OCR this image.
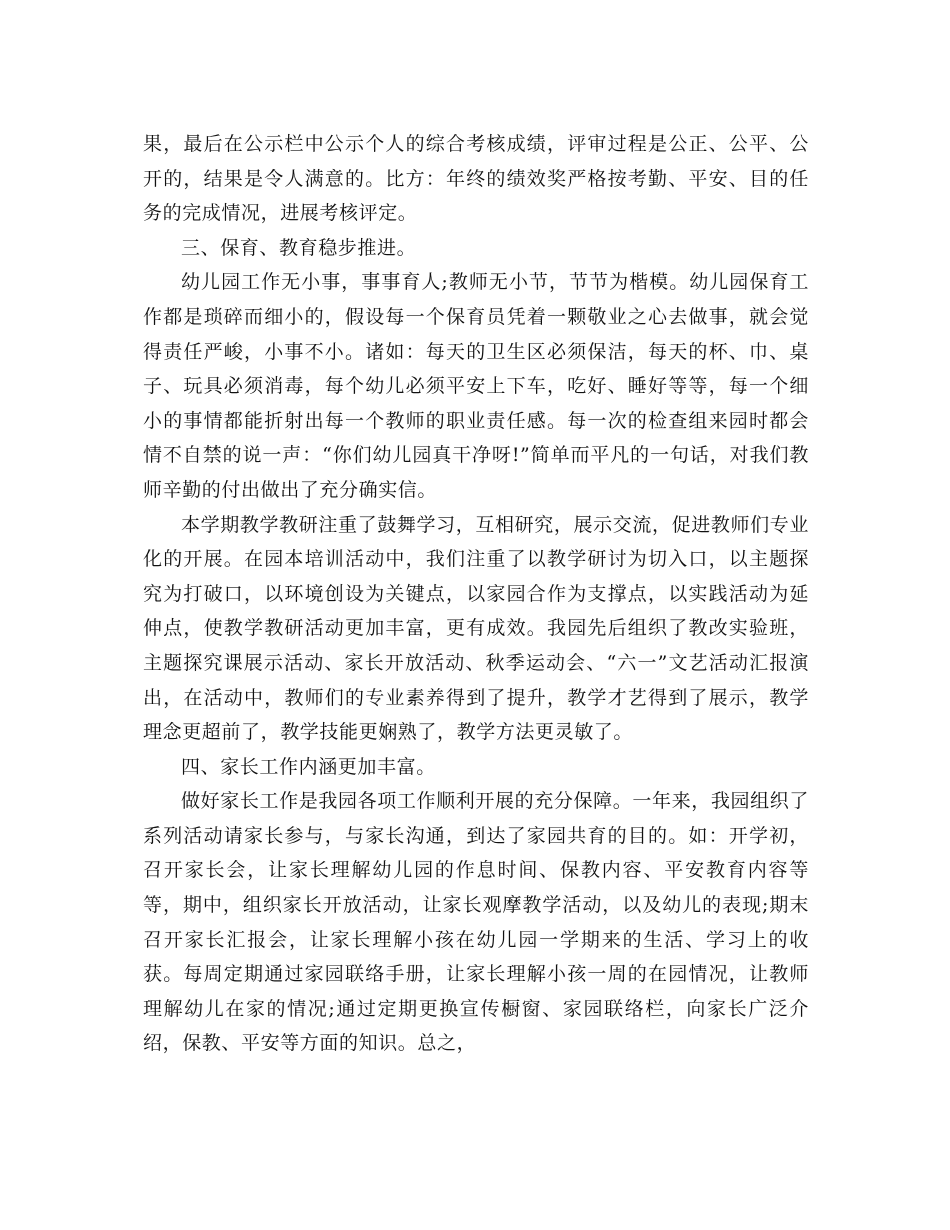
果，最后在公示栏中公示个人的综合考核成绩，评审过程是公正、公平、公开的，结果是令人满意的。比方：年终的绩效奖严格按考勤、平安、目的任务的完成情况，进展考核评定。

三、保育、教育稳步推进。

幼儿园工作无小事，事事育人;教师无小节，节节为楷模。幼儿园保育工作都是琐碎而细小的，假设每一个保育员凭着一颗敬业之心去做事，就会觉得责任严峻，小事不小。诸如：每天的卫生区必须保洁，每天的杯、巾、桌子、玩具必须消毒，每个幼儿必须平安上下车，吃好、睡好等等，每一个细小的事情都能折射出每一个教师的职业责任感。每一次的检查组来园时都会情不自禁的说一声：“你们幼儿园真干净呀!”简单而平凡的一句话，对我们教师辛勤的付出做出了充分确实信。

本学期教学教研注重了鼓舞学习，互相研究，展示交流，促进教师们专业化的开展。在园本培训活动中，我们注重了以教学研讨为切入口，以主题探究为打破口，以环境创设为关键点，以家园合作为支撑点，以实践活动为延伸点，使教学教研活动更加丰富，更有成效。我园先后组织了教改实验班，主题探究课展示活动、家长开放活动、秋季运动会、“六一”文艺活动汇报演出，在活动中，教师们的专业素养得到了提升，教学才艺得到了展示，教学理念更超前了，教学技能更娴熟了，教学方法更灵敏了。

四、家长工作内涵更加丰富。

做好家长工作是我园各项工作顺利开展的充分保障。一年来，我园组织了系列活动请家长参与，与家长沟通，到达了家园共育的目的。如：开学初，召开家长会，让家长理解幼儿园的作息时间、保教内容、平安教育内容等等，期中，组织家长开放活动，让家长观摩教学活动，以及幼儿的表现;期末召开家长汇报会，让家长理解小孩在幼儿园一学期来的生活、学习上的收获。每周定期通过家园联络手册，让家长理解小孩一周的在园情况，让教师理解幼儿在家的情况;通过定期更换宣传橱窗、家园联络栏，向家长广泛介绍，保教、平安等方面的知识。总之，
